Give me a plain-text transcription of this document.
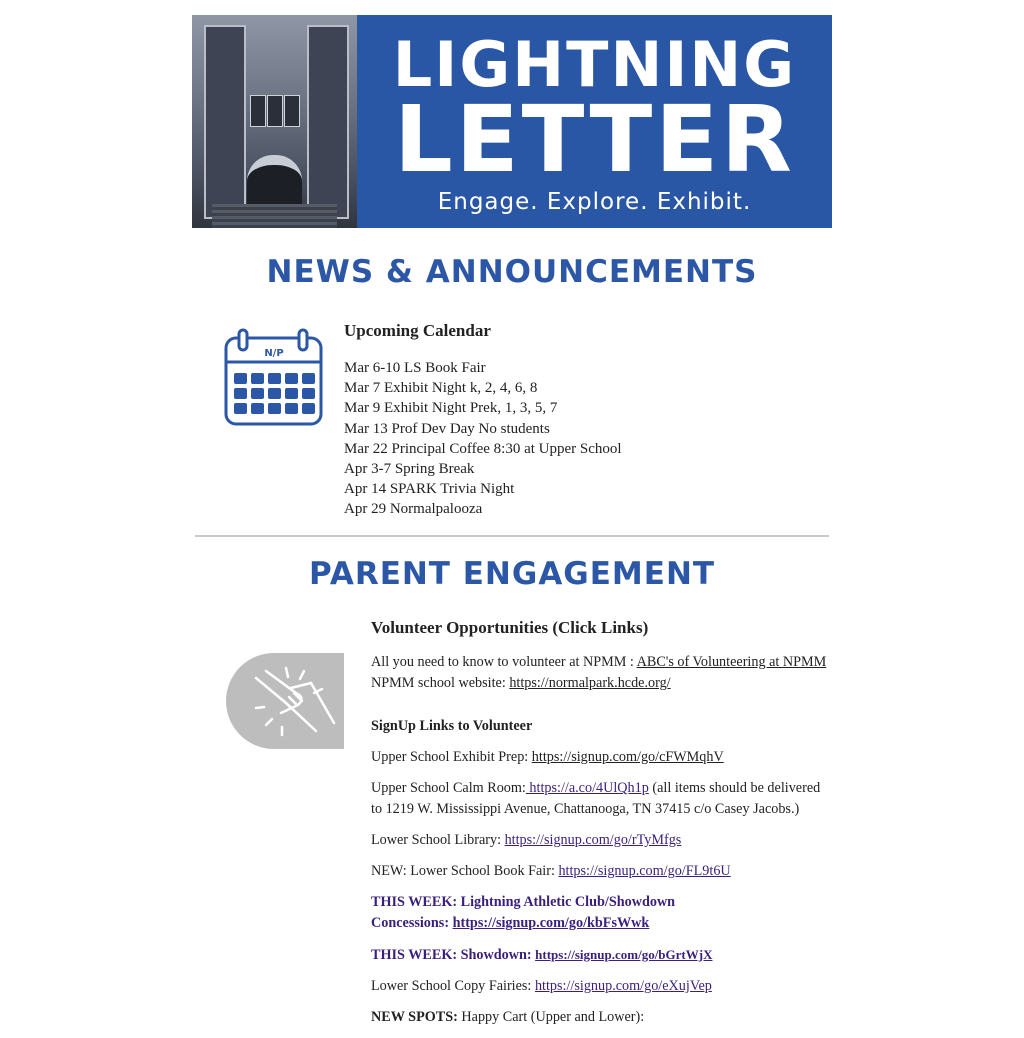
LIGHTNING
LETTER
Engage. Explore. Exhibit.
NEWS & ANNOUNCEMENTS
N/P
Upcoming Calendar
Mar 6-10 LS Book Fair
Mar 7 Exhibit Night k, 2, 4, 6, 8
Mar 9 Exhibit Night Prek, 1, 3, 5, 7
Mar 13 Prof Dev Day No students
Mar 22 Principal Coffee 8:30 at Upper School
Apr 3-7 Spring Break
Apr 14 SPARK Trivia Night
Apr 29 Normalpalooza
PARENT ENGAGEMENT
Volunteer Opportunities (Click Links)

All you need to know to volunteer at NPMM : ABC's of Volunteering at NPMM

NPMM school website: https://normalpark.hcde.org/

SignUp Links to Volunteer

Upper School Exhibit Prep: https://signup.com/go/cFWMqhV

Upper School Calm Room: https://a.co/4UlQh1p (all items should be delivered to 1219 W. Mississippi Avenue, Chattanooga, TN 37415 c/o Casey Jacobs.)

Lower School Library: https://signup.com/go/rTyMfgs

NEW: Lower School Book Fair: https://signup.com/go/FL9t6U

THIS WEEK: Lightning Athletic Club/Showdown Concessions: https://signup.com/go/kbFsWwk

THIS WEEK: Showdown: https://signup.com/go/bGrtWjX

Lower School Copy Fairies: https://signup.com/go/eXujVep

NEW SPOTS: Happy Cart (Upper and Lower):
